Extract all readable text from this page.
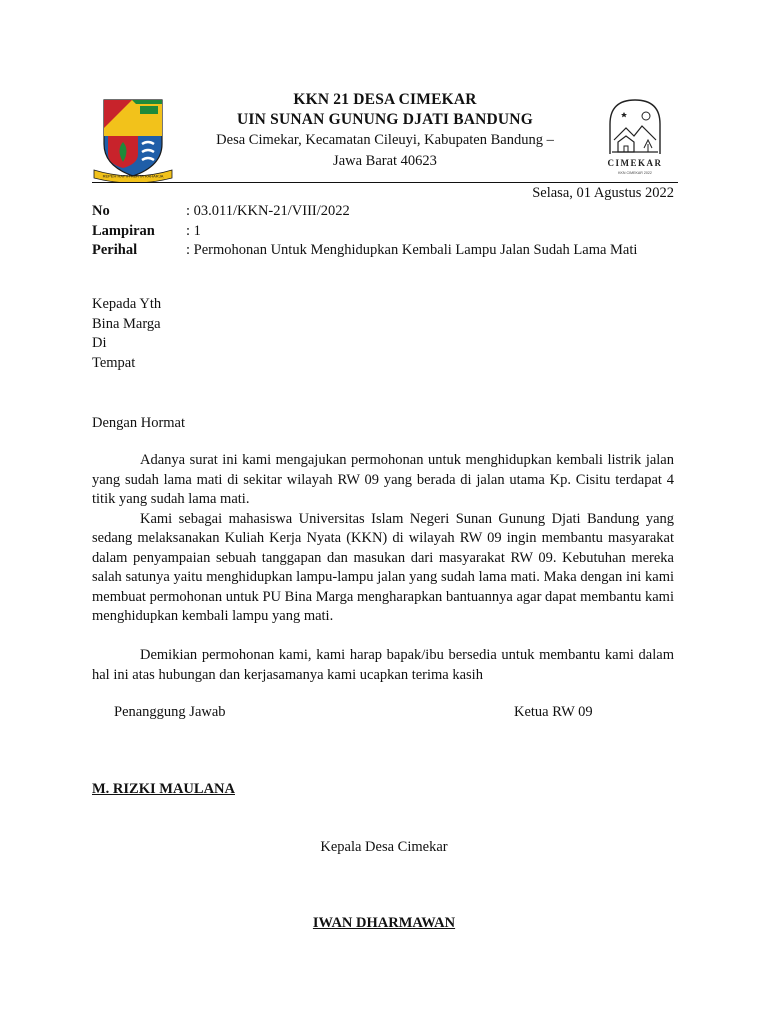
REPEH RAPIH KERTA RAHARJA
KKN 21 DESA CIMEKAR
UIN SUNAN GUNUNG DJATI BANDUNG
Desa Cimekar, Kecamatan Cileuyi, Kabupaten Bandung –
Jawa Barat 40623	CIMEKAR
KKN CIMEKAR 2022
Selasa, 01 Agustus 2022
No	: 03.011/KKN-21/VIII/2022
Lampiran : 1
Perihal	: Permohonan Untuk Menghidupkan Kembali Lampu Jalan Sudah Lama Mati

Kepada Yth

Bina Marga

Di

Tempat

Dengan Hormat

Adanya surat ini kami mengajukan permohonan untuk menghidupkan kembali listrik jalan yang sudah lama mati di sekitar wilayah RW 09 yang berada di jalan utama Kp. Cisitu terdapat 4 titik yang sudah lama mati.

Kami sebagai mahasiswa Universitas Islam Negeri Sunan Gunung Djati Bandung yang sedang melaksanakan Kuliah Kerja Nyata (KKN) di wilayah RW 09 ingin membantu masyarakat dalam penyampaian sebuah tanggapan dan masukan dari masyarakat RW 09. Kebutuhan mereka salah satunya yaitu menghidupkan lampu-lampu jalan yang sudah lama mati. Maka dengan ini kami membuat permohonan untuk PU Bina Marga mengharapkan bantuannya agar dapat membantu kami menghidupkan kembali lampu yang mati.

Demikian permohonan kami, kami harap bapak/ibu bersedia untuk membantu kami dalam hal ini atas hubungan dan kerjasamanya kami ucapkan terima kasih

Penanggung Jawab	Ketua RW 09
M. RIZKI MAULANA
Kepala Desa Cimekar
IWAN DHARMAWAN
